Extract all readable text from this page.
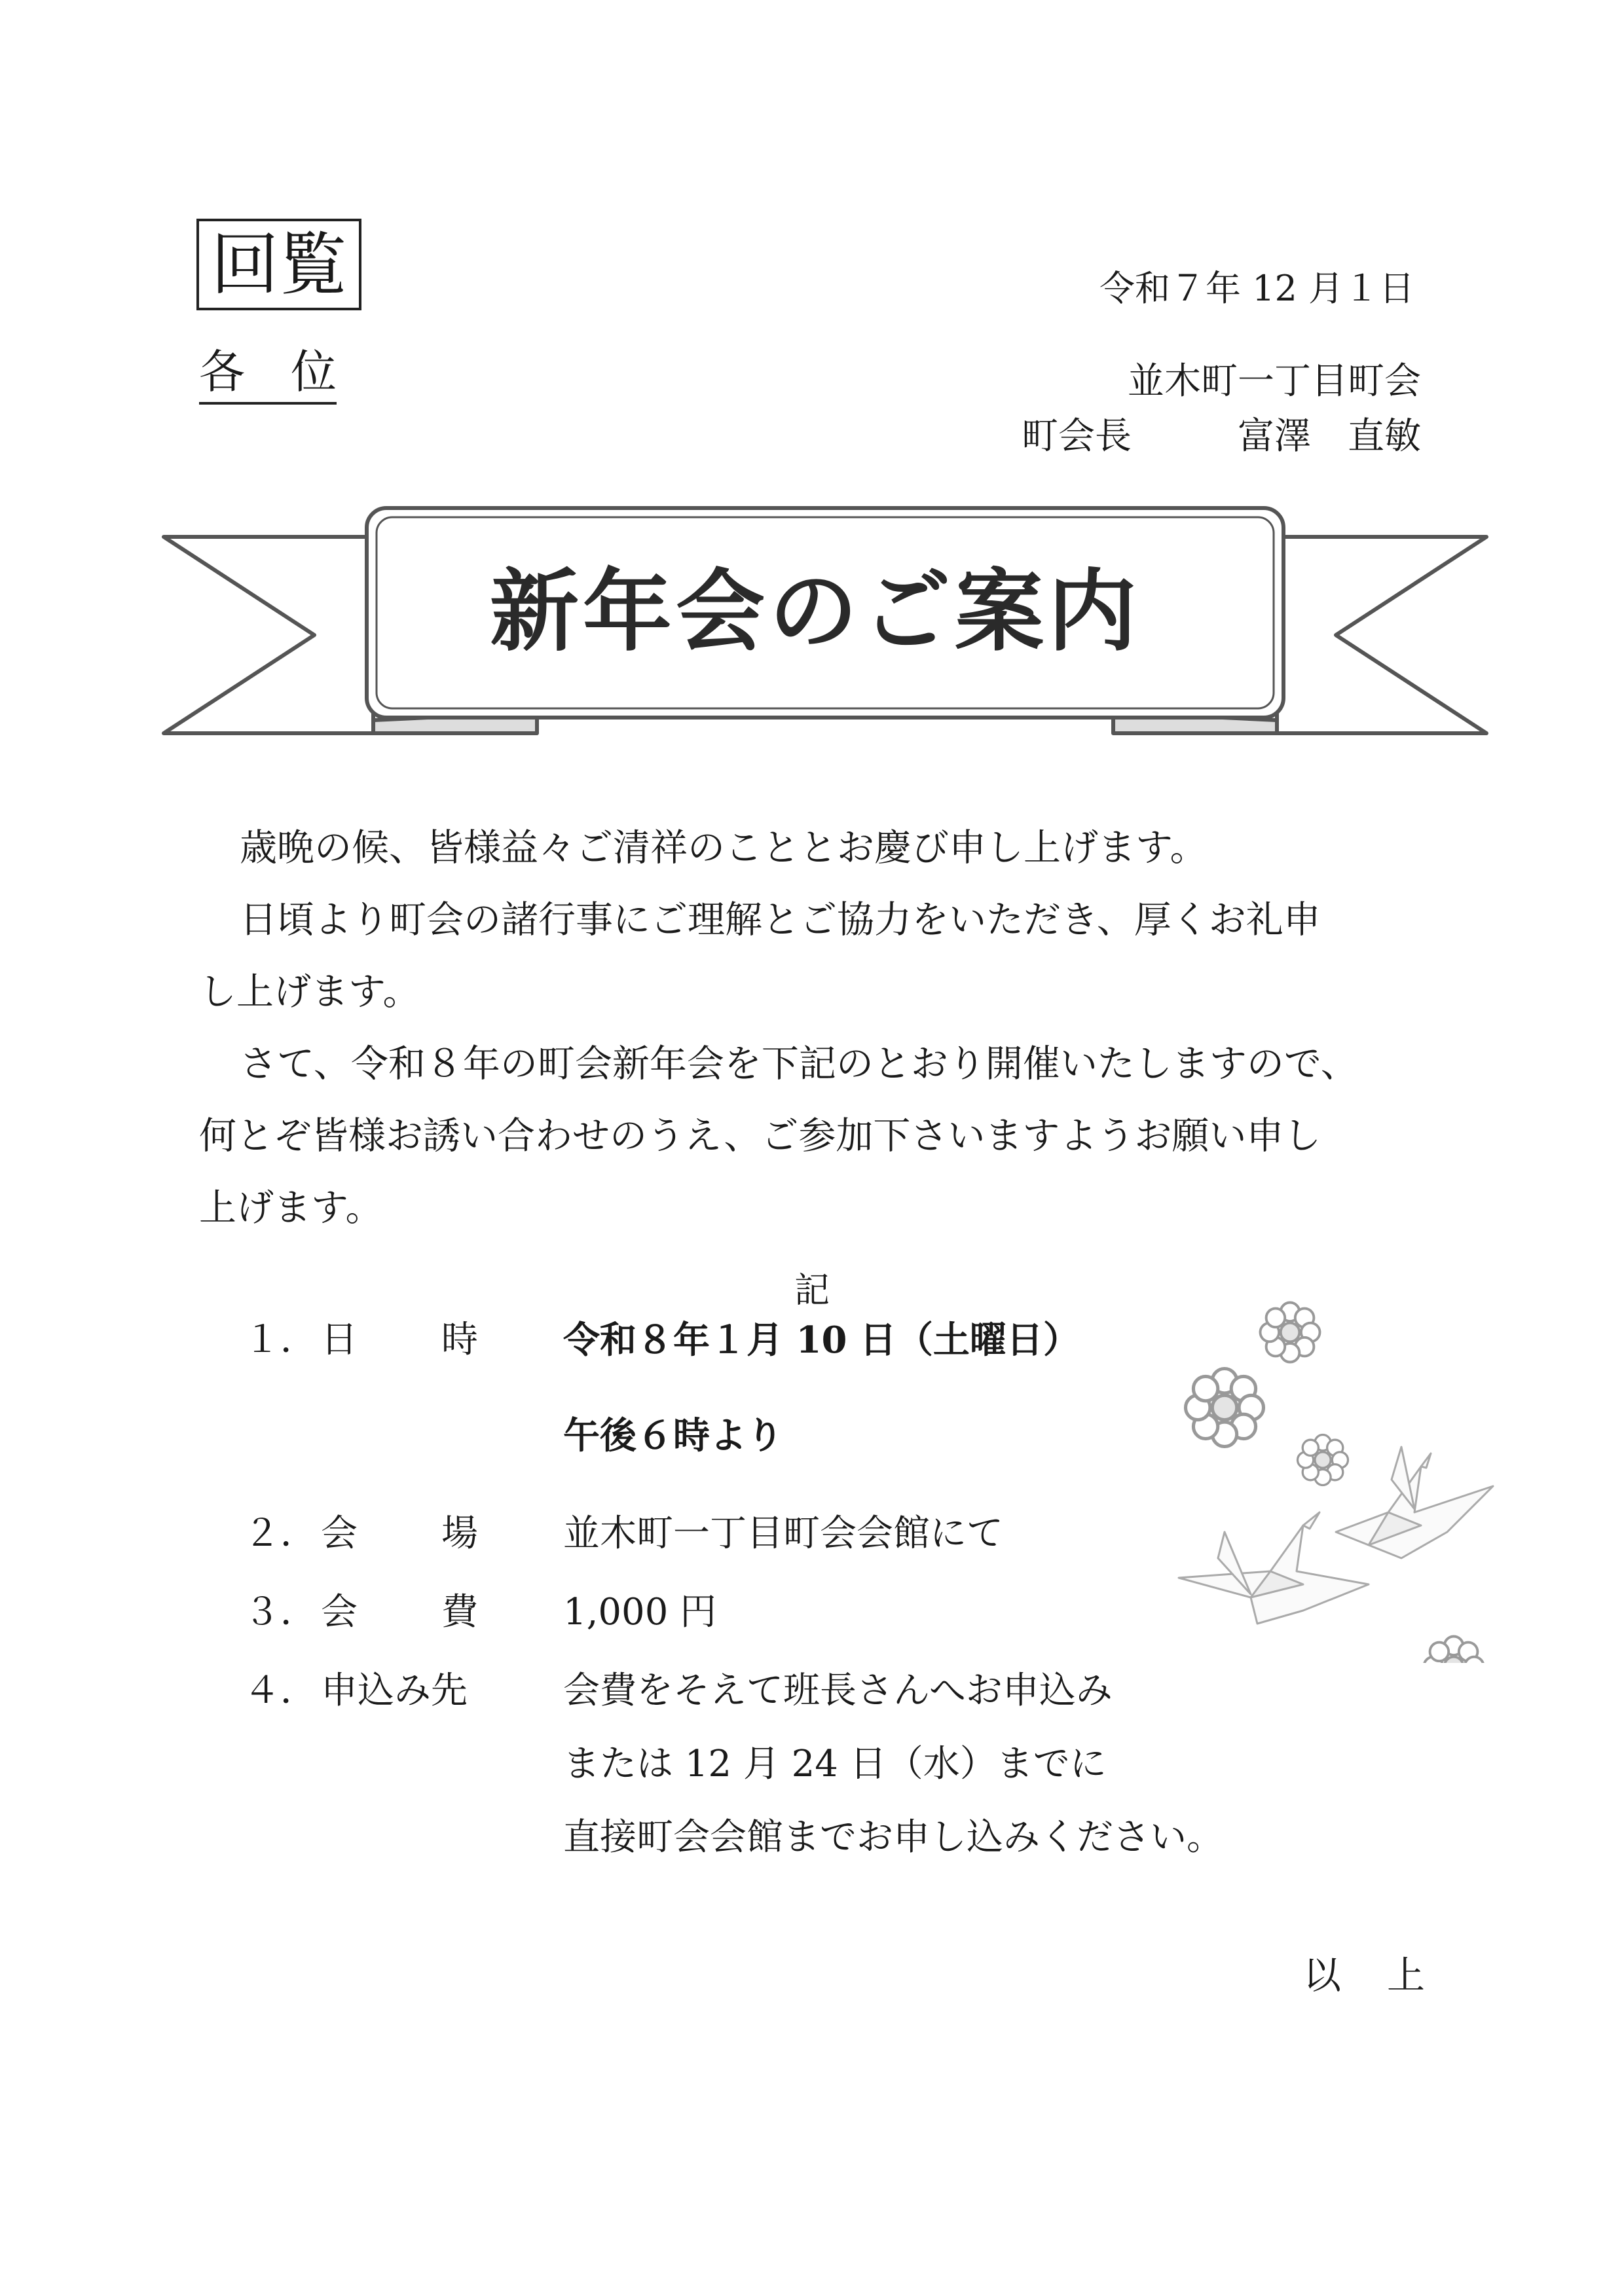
回覧	令和７年 12 月１日
各　位	並木町一丁目町会
町会長	富澤　直敏
新年会のご案内

歳晩の候、皆様益々ご清祥のこととお慶び申し上げます。

日頃より町会の諸行事にご理解とご協力をいただき、厚くお礼申

し上げます。

さて、令和８年の町会新年会を下記のとおり開催いたしますので、

何とぞ皆様お誘い合わせのうえ、ご参加下さいますようお願い申し

上げます。

記
１． 日 時 令和８年１月 10 日（土曜日）
午後６時より
２． 会 場 並木町一丁目町会会館にて
３． 会 費 1,000 円
４． 申込み先	会費をそえて班長さんへお申込み
または 12 月 24 日（水）までに
直接町会会館までお申し込みください。
以 上
